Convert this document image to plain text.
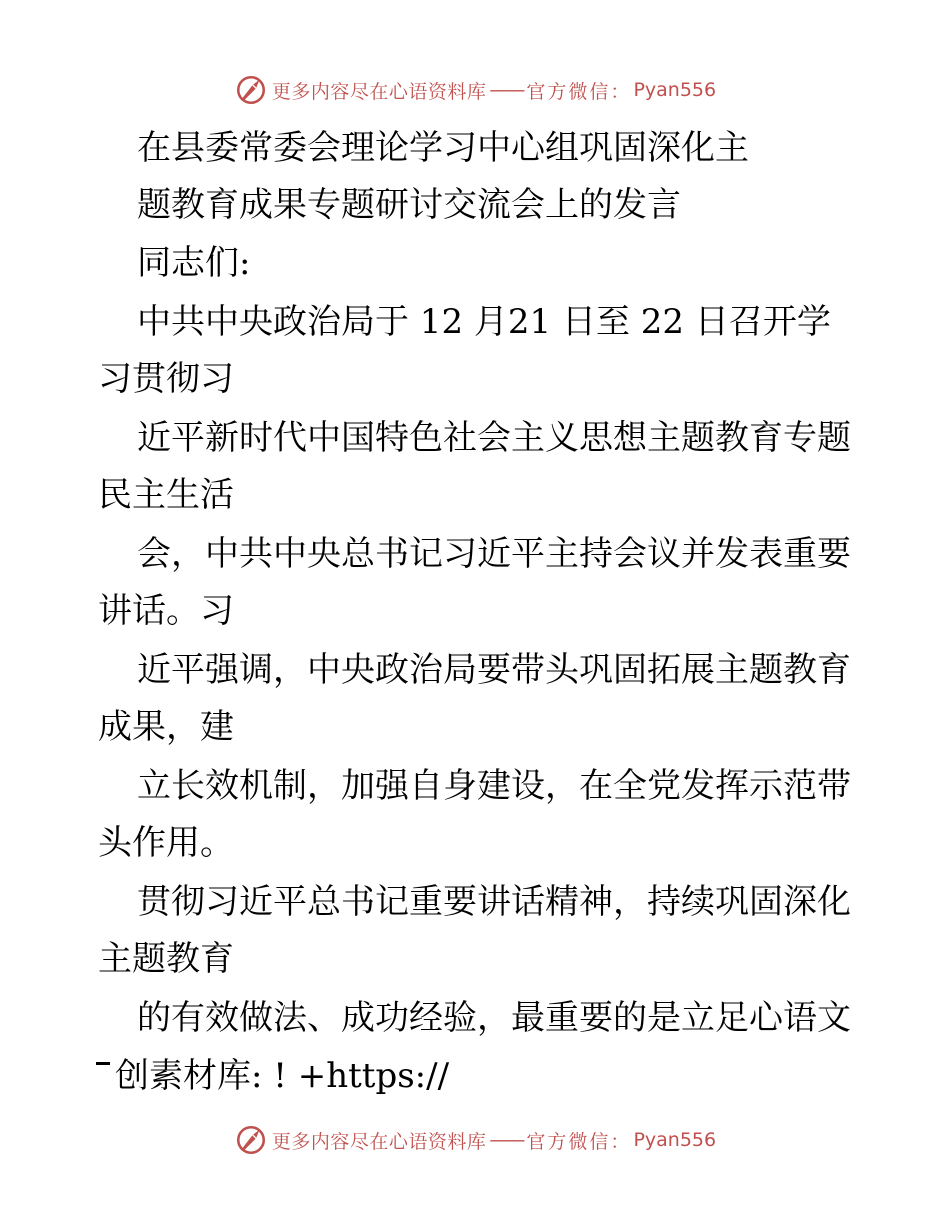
更多内容尽在心语资料库 —— 官方微信： Pyan556
在县委常委会理论学习中心组巩固深化主
题教育成果专题研讨交流会上的发言
同志们:
中共中央政治局于 12 月21 日至 22 日召开学
习贯彻习
近平新时代中国特色社会主义思想主题教育专题
民主生活
会，中共中央总书记习近平主持会议并发表重要
讲话。习
近平强调，中央政治局要带头巩固拓展主题教育
成果，建
立长效机制，加强自身建设，在全党发挥示范带
头作用。
贯彻习近平总书记重要讲话精神，持续巩固深化
主题教育
的有效做法、成功经验，最重要的是立足心语文
创素材库: ! +https://
更多内容尽在心语资料库 —— 官方微信： Pyan556
